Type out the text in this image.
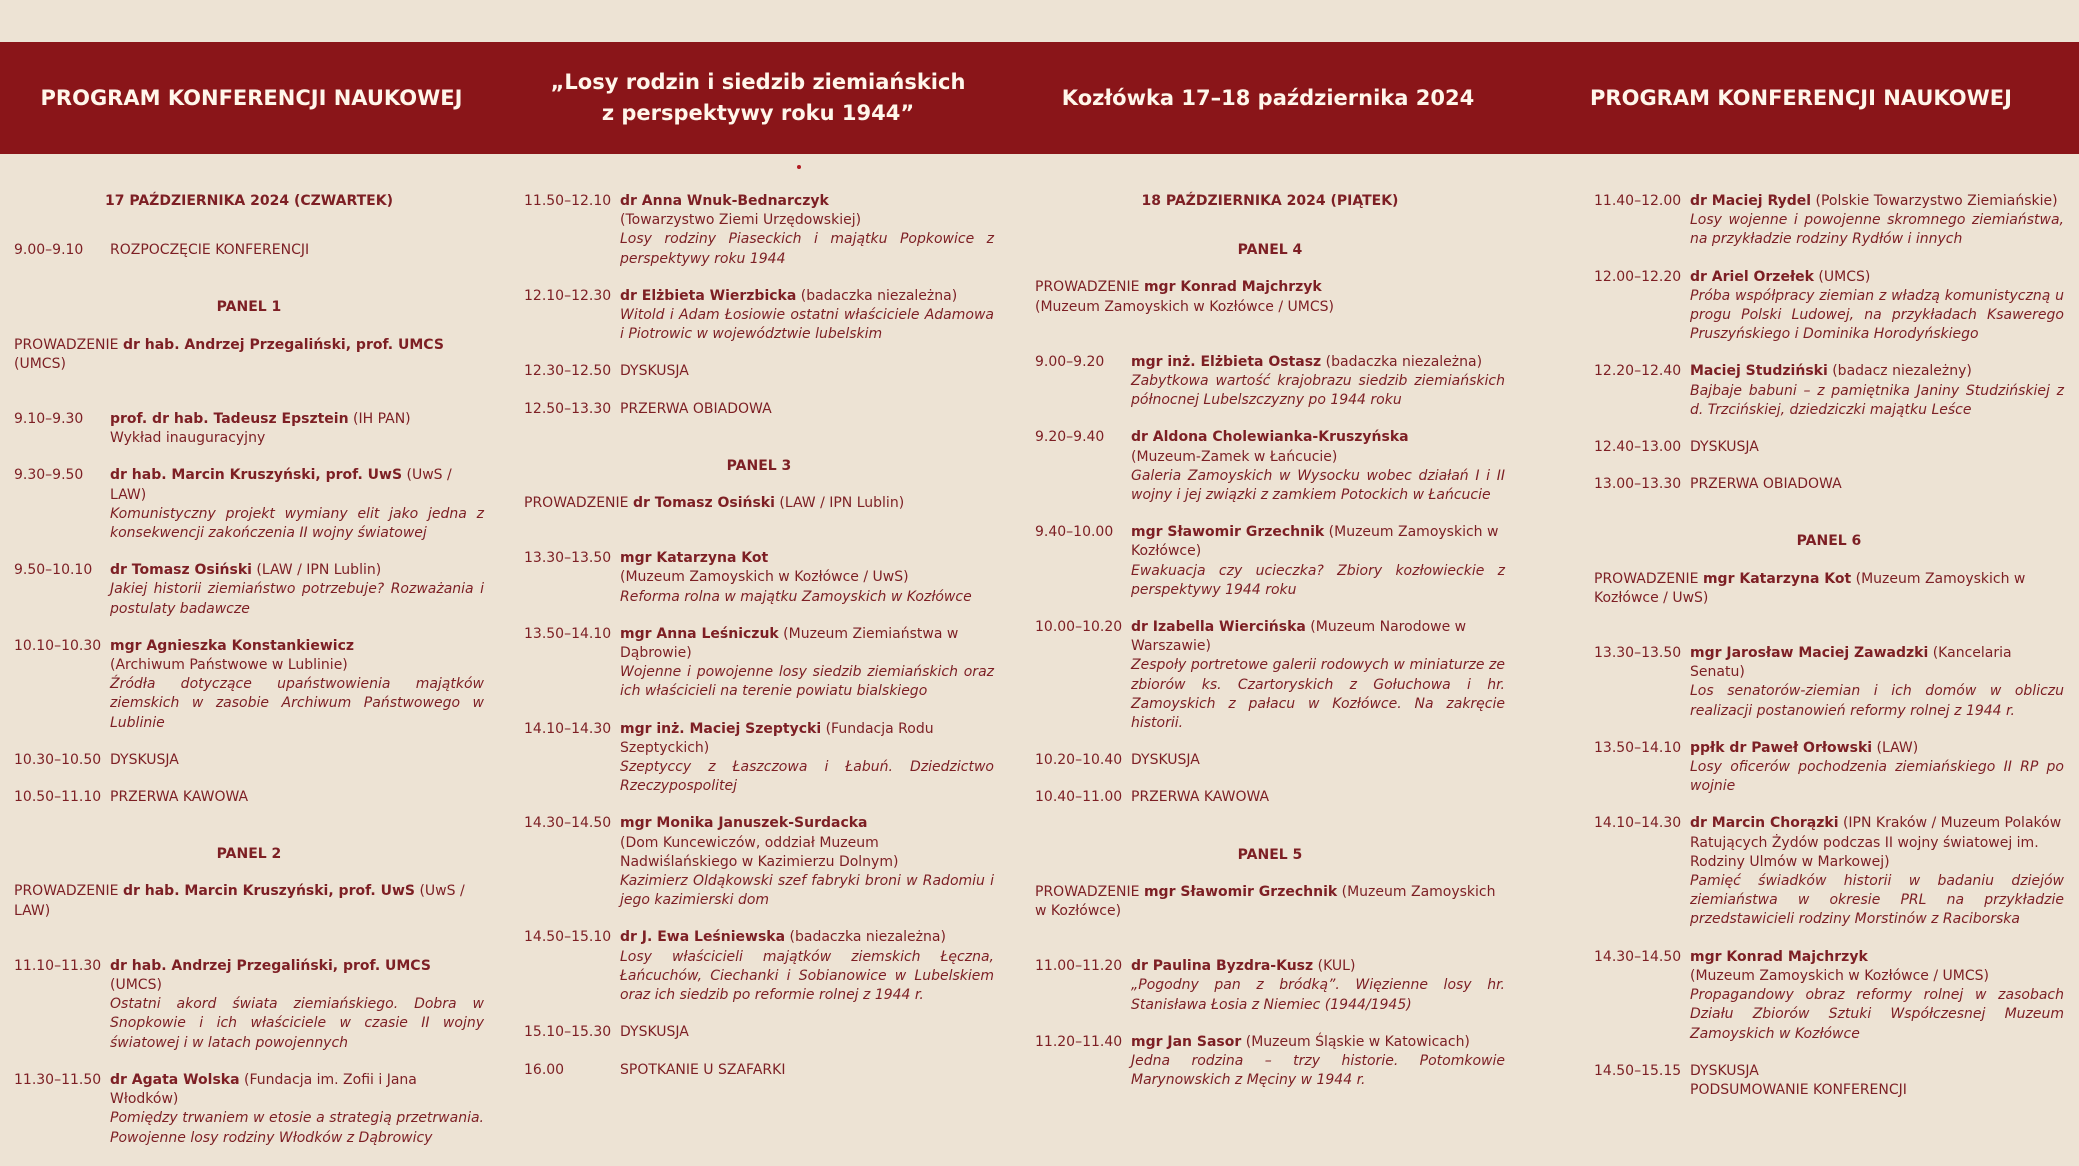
PROGRAM KONFERENCJI NAUKOWEJ
„Losy rodzin i siedzib ziemiańskich
z perspektywy roku 1944”
Kozłówka 17–18 października 2024	PROGRAM KONFERENCJI NAUKOWEJ
17 PAŹDZIERNIKA 2024 (CZWARTEK)
9.00–9.10	ROZPOCZĘCIE KONFERENCJI
PANEL 1
PROWADZENIE dr hab. Andrzej Przegaliński, prof. UMCS (UMCS)
9.10–9.30	prof. dr hab. Tadeusz Epsztein (IH PAN)
Wykład inauguracyjny
9.30–9.50	dr hab. Marcin Kruszyński, prof. UwS (UwS / LAW)
Komunistyczny projekt wymiany elit jako jedna z konsekwencji zakończenia II wojny światowej
9.50–10.10	dr Tomasz Osiński (LAW / IPN Lublin)
Jakiej historii ziemiaństwo potrzebuje? Rozważania i postulaty badawcze
10.10–10.30 mgr Agnieszka Konstankiewicz
(Archiwum Państwowe w Lublinie)
Źródła dotyczące upaństwowienia majątków ziemskich w zasobie Archiwum Państwowego w Lublinie
10.30–10.50 DYSKUSJA
10.50–11.10 PRZERWA KAWOWA
PANEL 2
PROWADZENIE dr hab. Marcin Kruszyński, prof. UwS (UwS / LAW)
11.10–11.30 dr hab. Andrzej Przegaliński, prof. UMCS (UMCS)
Ostatni akord świata ziemiańskiego. Dobra w Snopkowie i ich właściciele w czasie II wojny światowej i w latach powojennych
11.30–11.50 dr Agata Wolska (Fundacja im. Zofii i Jana Włodków)
Pomiędzy trwaniem w etosie a strategią przetrwania. Powojenne losy rodziny Włodków z Dąbrowicy
11.50–12.10 dr Anna Wnuk-Bednarczyk
(Towarzystwo Ziemi Urzędowskiej)
Losy rodziny Piaseckich i majątku Popkowice z perspektywy roku 1944
12.10–12.30 dr Elżbieta Wierzbicka (badaczka niezależna)
Witold i Adam Łosiowie ostatni właściciele Adamowa i Piotrowic w województwie lubelskim
12.30–12.50 DYSKUSJA
12.50–13.30 PRZERWA OBIADOWA
PANEL 3
PROWADZENIE dr Tomasz Osiński (LAW / IPN Lublin)
13.30–13.50 mgr Katarzyna Kot
(Muzeum Zamoyskich w Kozłówce / UwS)
Reforma rolna w majątku Zamoyskich w Kozłówce
13.50–14.10 mgr Anna Leśniczuk (Muzeum Ziemiaństwa w Dąbrowie)
Wojenne i powojenne losy siedzib ziemiańskich oraz ich właścicieli na terenie powiatu bialskiego
14.10–14.30 mgr inż. Maciej Szeptycki (Fundacja Rodu Szeptyckich)
Szeptyccy z Łaszczowa i Łabuń. Dziedzictwo Rzeczypospolitej
14.30–14.50 mgr Monika Januszek-Surdacka
(Dom Kuncewiczów, oddział Muzeum Nadwiślańskiego w Kazimierzu Dolnym)
Kazimierz Oldąkowski szef fabryki broni w Radomiu i jego kazimierski dom
14.50–15.10 dr J. Ewa Leśniewska (badaczka niezależna)
Losy właścicieli majątków ziemskich Łęczna, Łańcuchów, Ciechanki i Sobianowice w Lubelskiem oraz ich siedzib po reformie rolnej z 1944 r.
15.10–15.30 DYSKUSJA
16.00	SPOTKANIE U SZAFARKI
18 PAŹDZIERNIKA 2024 (PIĄTEK)
PANEL 4
PROWADZENIE mgr Konrad Majchrzyk
(Muzeum Zamoyskich w Kozłówce / UMCS)
9.00–9.20	mgr inż. Elżbieta Ostasz (badaczka niezależna)
Zabytkowa wartość krajobrazu siedzib ziemiańskich północnej Lubelszczyzny po 1944 roku
9.20–9.40	dr Aldona Cholewianka-Kruszyńska
(Muzeum-Zamek w Łańcucie)
Galeria Zamoyskich w Wysocku wobec działań I i II wojny i jej związki z zamkiem Potockich w Łańcucie
9.40–10.00	mgr Sławomir Grzechnik (Muzeum Zamoyskich w Kozłówce)
Ewakuacja czy ucieczka? Zbiory kozłowieckie z perspektywy 1944 roku
10.00–10.20 dr Izabella Wiercińska (Muzeum Narodowe w Warszawie)
Zespoły portretowe galerii rodowych w miniaturze ze zbiorów ks. Czartoryskich z Gołuchowa i hr. Zamoyskich z pałacu w Kozłówce. Na zakręcie historii.
10.20–10.40 DYSKUSJA
10.40–11.00 PRZERWA KAWOWA
PANEL 5
PROWADZENIE mgr Sławomir Grzechnik (Muzeum Zamoyskich w Kozłówce)
11.00–11.20 dr Paulina Byzdra-Kusz (KUL)
„Pogodny pan z bródką”. Więzienne losy hr. Stanisława Łosia z Niemiec (1944/1945)
11.20–11.40 mgr Jan Sasor (Muzeum Śląskie w Katowicach)
Jedna rodzina – trzy historie. Potomkowie Marynowskich z Męciny w 1944 r.
11.40–12.00 dr Maciej Rydel (Polskie Towarzystwo Ziemiańskie)
Losy wojenne i powojenne skromnego ziemiaństwa, na przykładzie rodziny Rydłów i innych
12.00–12.20 dr Ariel Orzełek (UMCS)
Próba współpracy ziemian z władzą komunistyczną u progu Polski Ludowej, na przykładach Ksawerego Pruszyńskiego i Dominika Horodyńskiego
12.20–12.40 Maciej Studziński (badacz niezależny)
Bajbaje babuni – z pamiętnika Janiny Studzińskiej z d. Trzcińskiej, dziedziczki majątku Leśce
12.40–13.00 DYSKUSJA
13.00–13.30 PRZERWA OBIADOWA
PANEL 6
PROWADZENIE mgr Katarzyna Kot (Muzeum Zamoyskich w Kozłówce / UwS)
13.30–13.50 mgr Jarosław Maciej Zawadzki (Kancelaria Senatu)
Los senatorów-ziemian i ich domów w obliczu realizacji postanowień reformy rolnej z 1944 r.
13.50–14.10 ppłk dr Paweł Orłowski (LAW)
Losy oficerów pochodzenia ziemiańskiego II RP po wojnie
14.10–14.30 dr Marcin Chorązki (IPN Kraków / Muzeum Polaków Ratujących Żydów podczas II wojny światowej im. Rodziny Ulmów w Markowej)
Pamięć świadków historii w badaniu dziejów ziemiaństwa w okresie PRL na przykładzie przedstawicieli rodziny Morstinów z Raciborska
14.30–14.50 mgr Konrad Majchrzyk
(Muzeum Zamoyskich w Kozłówce / UMCS)
Propagandowy obraz reformy rolnej w zasobach Działu Zbiorów Sztuki Współczesnej Muzeum Zamoyskich w Kozłówce
14.50–15.15 DYSKUSJA
PODSUMOWANIE KONFERENCJI
